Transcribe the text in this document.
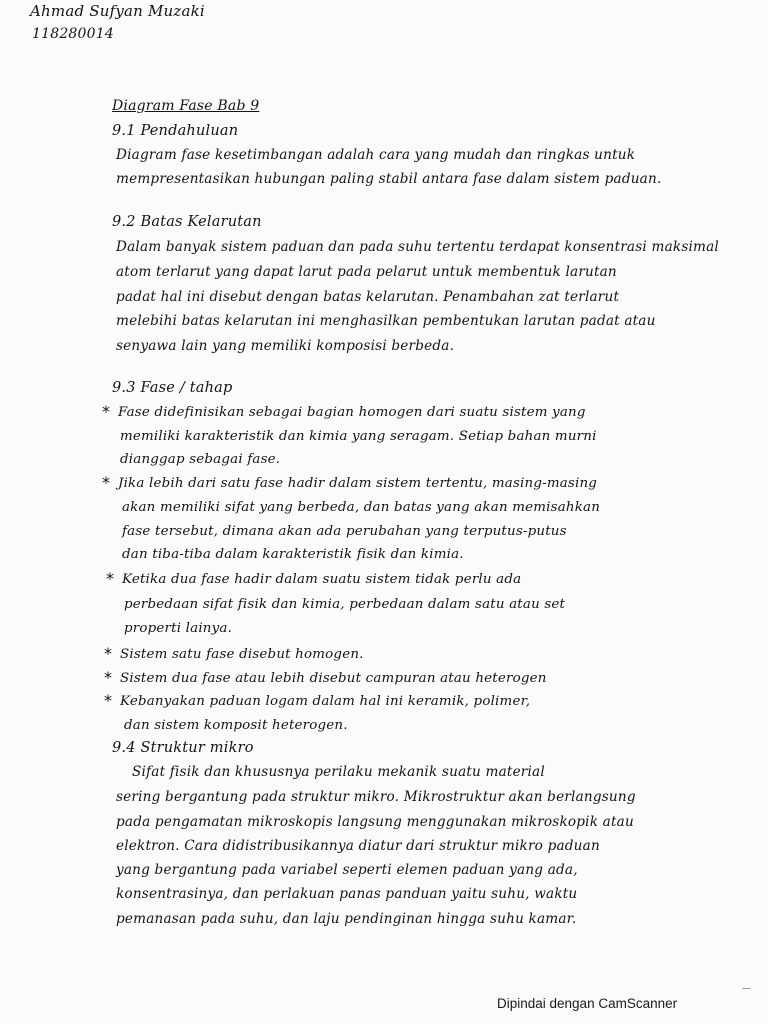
Ahmad Sufyan Muzaki
118280014
Diagram Fase Bab 9
9.1 Pendahuluan
Diagram fase kesetimbangan adalah cara yang mudah dan ringkas untuk
mempresentasikan hubungan paling stabil antara fase dalam sistem paduan.
9.2 Batas Kelarutan
Dalam banyak sistem paduan dan pada suhu tertentu terdapat konsentrasi maksimal
atom terlarut yang dapat larut pada pelarut untuk membentuk larutan
padat hal ini disebut dengan batas kelarutan. Penambahan zat terlarut
melebihi batas kelarutan ini menghasilkan pembentukan larutan padat atau
senyawa lain yang memiliki komposisi berbeda.
9.3 Fase / tahap
* Fase didefinisikan sebagai bagian homogen dari suatu sistem yang
memiliki karakteristik dan kimia yang seragam. Setiap bahan murni
dianggap sebagai fase.
* Jika lebih dari satu fase hadir dalam sistem tertentu, masing-masing
akan memiliki sifat yang berbeda, dan batas yang akan memisahkan
fase tersebut, dimana akan ada perubahan yang terputus-putus
dan tiba-tiba dalam karakteristik fisik dan kimia.
* Ketika dua fase hadir dalam suatu sistem tidak perlu ada
perbedaan sifat fisik dan kimia, perbedaan dalam satu atau set
properti lainya.
* Sistem satu fase disebut homogen.
* Sistem dua fase atau lebih disebut campuran atau heterogen
* Kebanyakan paduan logam dalam hal ini keramik, polimer,
dan sistem komposit heterogen.
9.4 Struktur mikro
Sifat fisik dan khususnya perilaku mekanik suatu material
sering bergantung pada struktur mikro. Mikrostruktur akan berlangsung
pada pengamatan mikroskopis langsung menggunakan mikroskopik atau
elektron. Cara didistribusikannya diatur dari struktur mikro paduan
yang bergantung pada variabel seperti elemen paduan yang ada,
konsentrasinya, dan perlakuan panas panduan yaitu suhu, waktu
pemanasan pada suhu, dan laju pendinginan hingga suhu kamar.
Dipindai dengan CamScanner
